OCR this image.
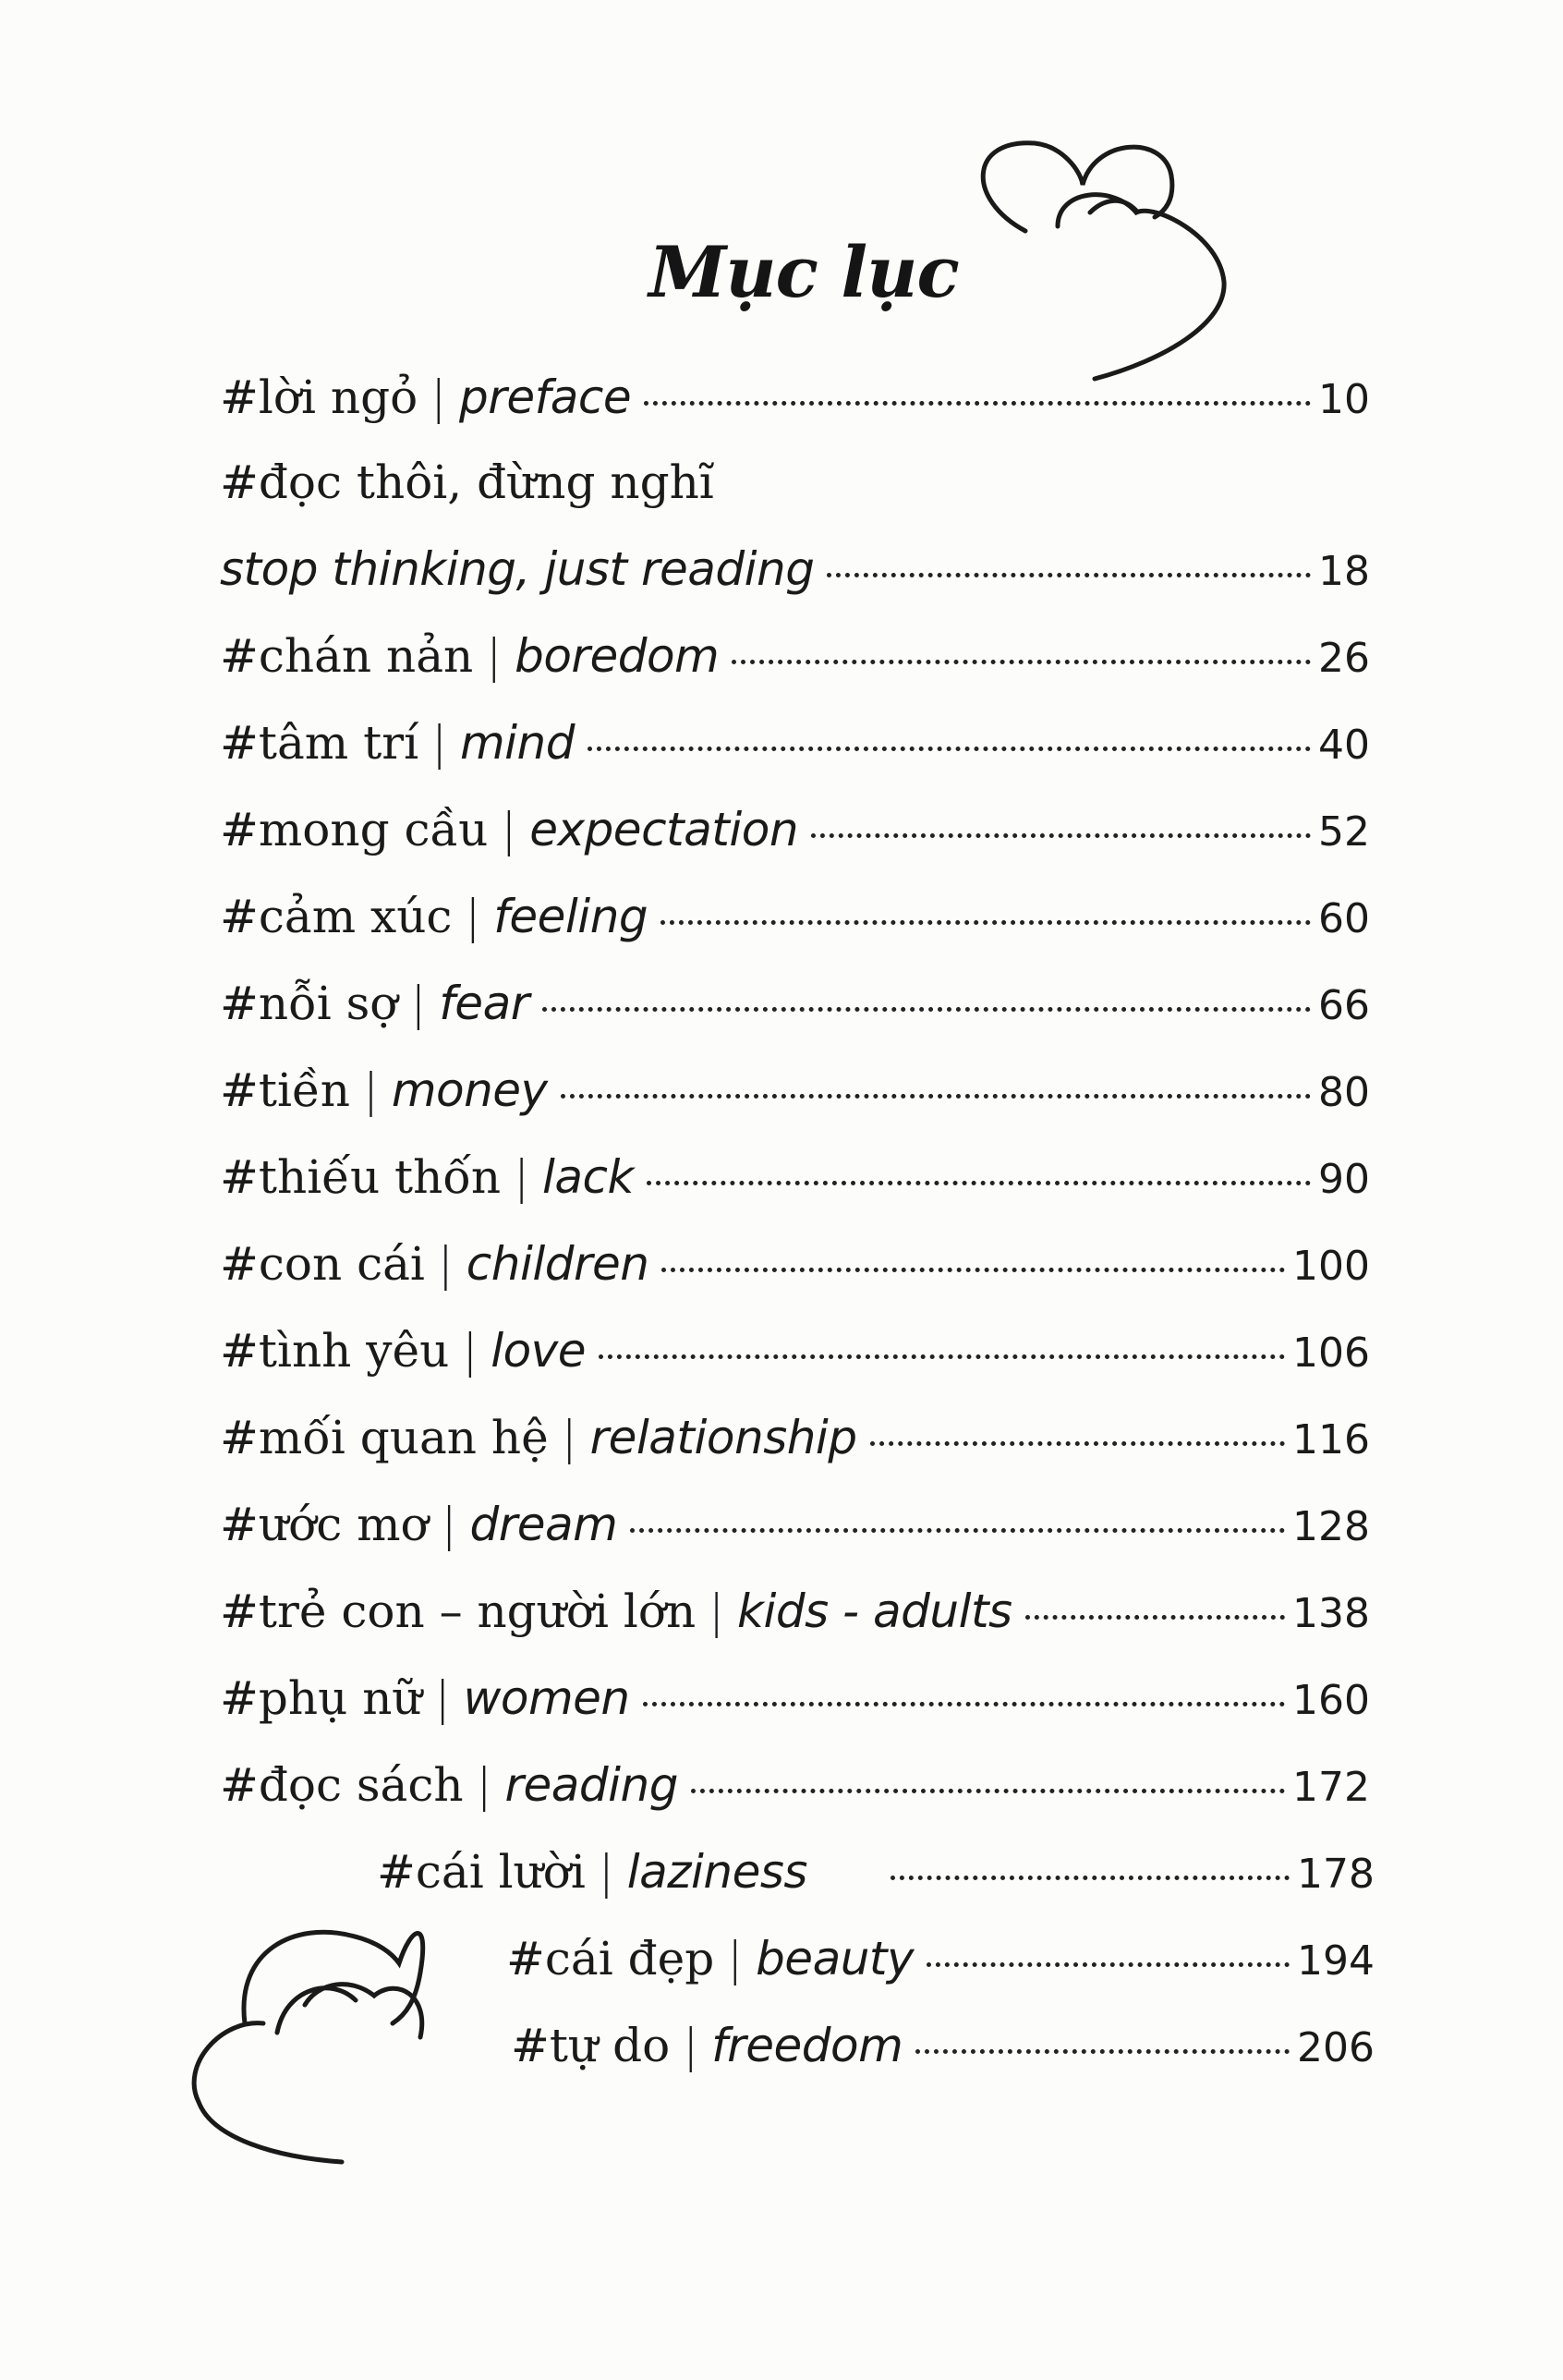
Mục lục
#lời ngỏ | preface	10
#đọc thôi, đừng nghĩ
stop thinking, just reading	18
#chán nản | boredom	26
#tâm trí | mind	40
#mong cầu | expectation	52
#cảm xúc | feeling	60
#nỗi sợ | fear	66
#tiền | money	80
#thiếu thốn | lack	90
#con cái | children	100
#tình yêu | love	106
#mối quan hệ | relationship	116
#ước mơ | dream	128
#trẻ con – người lớn | kids - adults	138
#phụ nữ | women	160
#đọc sách | reading	172
#cái lười | laziness	178
#cái đẹp | beauty	194
#tự do | freedom	206
